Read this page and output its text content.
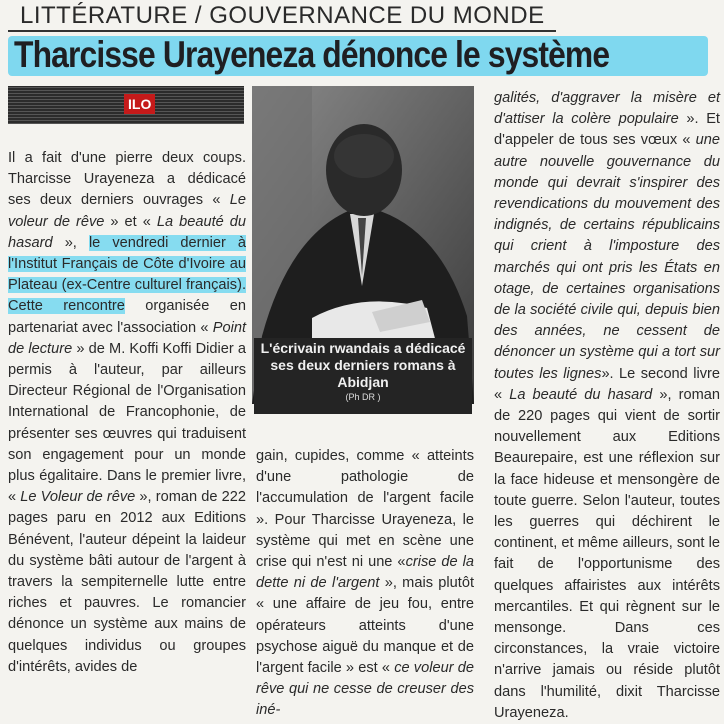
LITTÉRATURE / GOUVERNANCE DU MONDE
Tharcisse Urayeneza dénonce le système
ILO

Il a fait d'une pierre deux coups. Tharcisse Urayeneza a dédicacé ses deux derniers ouvrages « Le voleur de rêve » et « La beauté du hasard », le vendredi dernier à l'Institut Français de Côte d'Ivoire au Plateau (ex-Centre culturel français). Cette rencontre organisée en partenariat avec l'association « Point de lecture » de M. Koffi Koffi Didier a permis à l'auteur, par ailleurs Directeur Régional de l'Organisation International de Francophonie, de présenter ses œuvres qui traduisent son engagement pour un monde plus égalitaire. Dans le premier livre, « Le Voleur de rêve », roman de 222 pages paru en 2012 aux Editions Bénévent, l'auteur dépeint la laideur du système bâti autour de l'argent à travers la sempiternelle lutte entre riches et pauvres. Le romancier dénonce un système aux mains de quelques individus ou groupes d'intérêts, avides de

L'écrivain rwandais a dédicacé ses deux derniers romans à Abidjan
(Ph DR )

gain, cupides, comme « atteints d'une pathologie de l'accumulation de l'argent facile ». Pour Tharcisse Urayeneza, le système qui met en scène une crise qui n'est ni une «crise de la dette ni de l'argent », mais plutôt « une affaire de jeu fou, entre opérateurs atteints d'une psychose aiguë du manque et de l'argent facile » est « ce voleur de rêve qui ne cesse de creuser des iné-

galités, d'aggraver la misère et d'attiser la colère populaire ». Et d'appeler de tous ses vœux « une autre nouvelle gouvernance du monde qui devrait s'inspirer des revendications du mouvement des indignés, de certains républicains qui crient à l'imposture des marchés qui ont pris les États en otage, de certaines organisations de la société civile qui, depuis bien des années, ne cessent de dénoncer un système qui a tort sur toutes les lignes». Le second livre « La beauté du hasard », roman de 220 pages qui vient de sortir nouvellement aux Editions Beaurepaire, est une réflexion sur la face hideuse et mensongère de toute guerre. Selon l'auteur, toutes les guerres qui déchirent le continent, et même ailleurs, sont le fait de l'opportunisme des quelques affairistes aux intérêts mercantiles. Et qui règnent sur le mensonge. Dans ces circonstances, la vraie victoire n'arrive jamais ou réside plutôt dans l'humilité, dixit Tharcisse Urayeneza.
